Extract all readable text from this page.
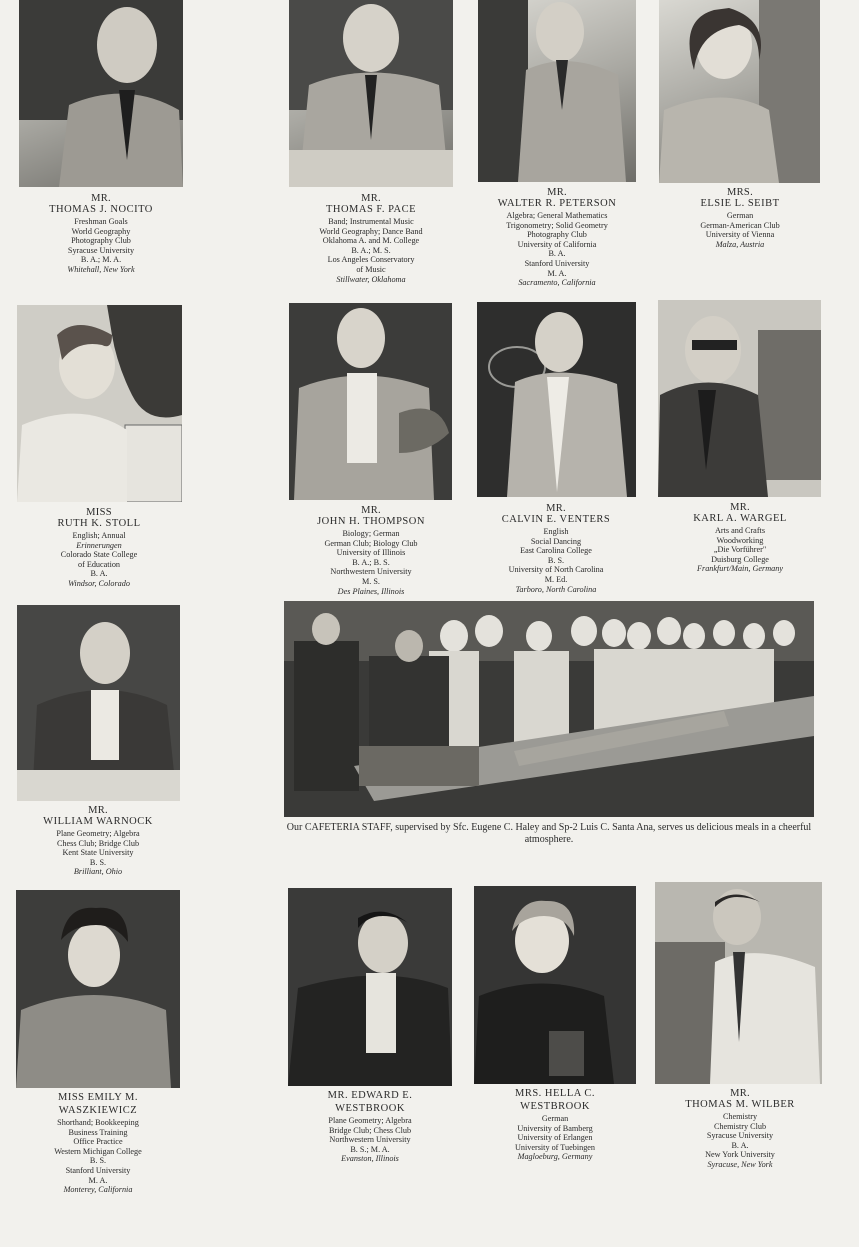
MR.
THOMAS J. NOCITO
Freshman Goals
World Geography
Photography Club
Syracuse University
B. A.; M. A.
Whitehall, New York
MR.
THOMAS F. PACE
Band; Instrumental Music
World Geography; Dance Band
Oklahoma A. and M. College
B. A.; M. S.
Los Angeles Conservatory
of Music
Stillwater, Oklahoma
MR.
WALTER R. PETERSON
Algebra; General Mathematics
Trigonometry; Solid Geometry
Photography Club
University of California
B. A.
Stanford University
M. A.
Sacramento, California
MRS.
ELSIE L. SEIBT
German
German-American Club
University of Vienna
Malza, Austria
MISS
RUTH K. STOLL
English; Annual
Erinnerungen
Colorado State College
of Education
B. A.
Windsor, Colorado
MR.
JOHN H. THOMPSON
Biology; German
German Club; Biology Club
University of Illinois
B. A.; B. S.
Northwestern University
M. S.
Des Plaines, Illinois
MR.
CALVIN E. VENTERS
English
Social Dancing
East Carolina College
B. S.
University of North Carolina
M. Ed.
Tarboro, North Carolina
MR.
KARL A. WARGEL
Arts and Crafts
Woodworking
„Die Vorführer"
Duisburg College
Frankfurt/Main, Germany
MR.
WILLIAM WARNOCK
Plane Geometry; Algebra
Chess Club; Bridge Club
Kent State University
B. S.
Brilliant, Ohio
Our CAFETERIA STAFF, supervised by Sfc. Eugene C. Haley and Sp-2 Luis C. Santa Ana, serves us delicious meals in a cheerful atmosphere.
MISS EMILY M.
WASZKIEWICZ
Shorthand; Bookkeeping
Business Training
Office Practice
Western Michigan College
B. S.
Stanford University
M. A.
Monterey, California
MR. EDWARD E.
WESTBROOK
Plane Geometry; Algebra
Bridge Club; Chess Club
Northwestern University
B. S.; M. A.
Evanston, Illinois
MRS. HELLA C.
WESTBROOK
German
University of Bamberg
University of Erlangen
University of Tuebingen
Magloeburg, Germany
MR.
THOMAS M. WILBER
Chemistry
Chemistry Club
Syracuse University
B. A.
New York University
Syracuse, New York
